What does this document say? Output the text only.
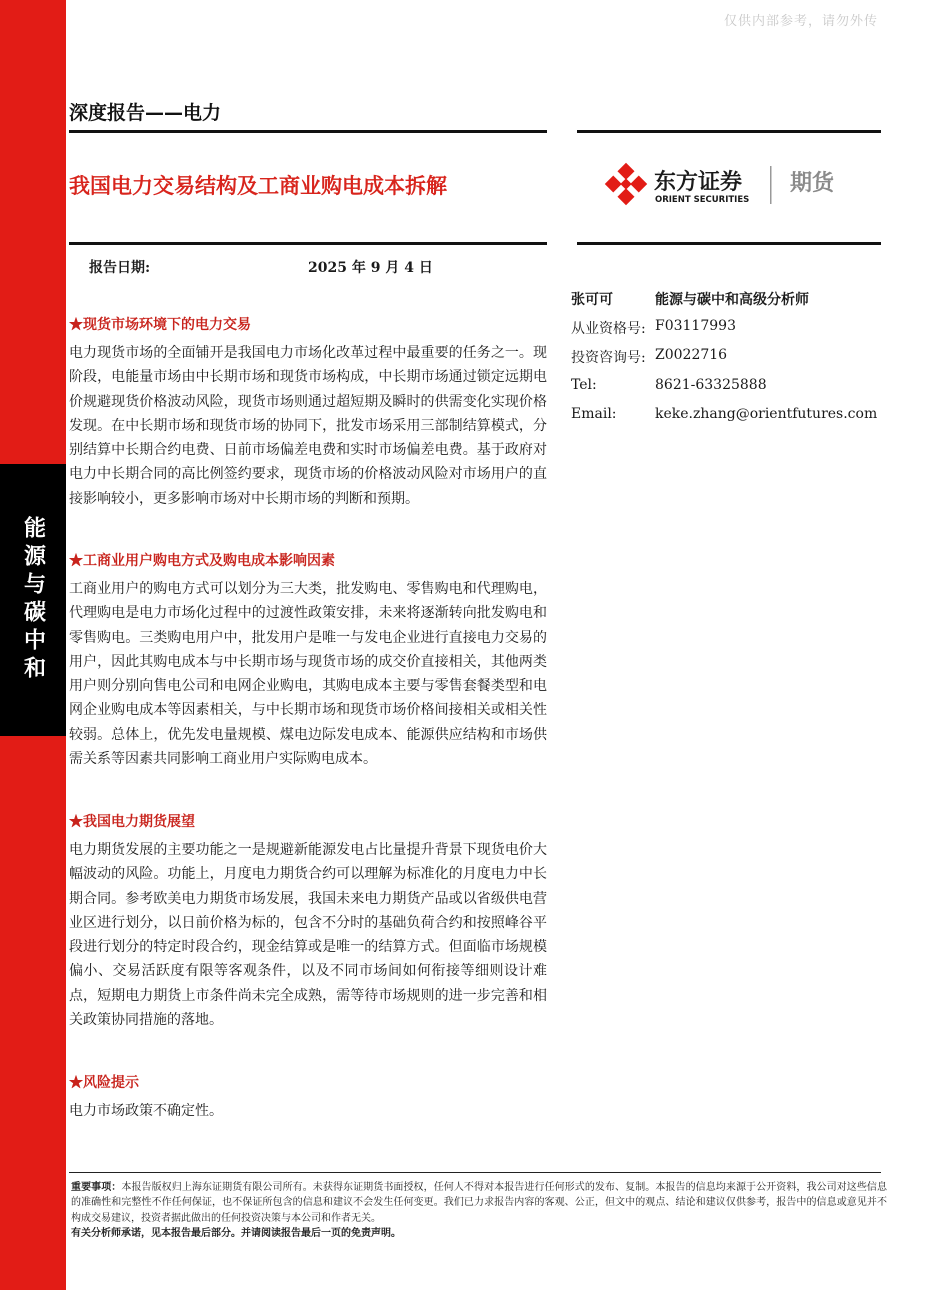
能源与碳中和
仅供内部参考，请勿外传
深度报告——电力
我国电力交易结构及工商业购电成本拆解	东方证券
ORIENT SECURITIES
期货
报告日期:	2025 年 9 月 4 日
张可可	能源与碳中和高级分析师
从业资格号: F03117993
投资咨询号: Z0022716
Tel:	8621-63325888
Email:	keke.zhang@orientfutures.com
★现货市场环境下的电力交易
电力现货市场的全面铺开是我国电力市场化改革过程中最重要的任务之一。现阶段，电能量市场由中长期市场和现货市场构成，中长期市场通过锁定远期电价规避现货价格波动风险，现货市场则通过超短期及瞬时的供需变化实现价格发现。在中长期市场和现货市场的协同下，批发市场采用三部制结算模式，分别结算中长期合约电费、日前市场偏差电费和实时市场偏差电费。基于政府对电力中长期合同的高比例签约要求，现货市场的价格波动风险对市场用户的直接影响较小，更多影响市场对中长期市场的判断和预期。
★工商业用户购电方式及购电成本影响因素
工商业用户的购电方式可以划分为三大类，批发购电、零售购电和代理购电，代理购电是电力市场化过程中的过渡性政策安排，未来将逐渐转向批发购电和零售购电。三类购电用户中，批发用户是唯一与发电企业进行直接电力交易的用户，因此其购电成本与中长期市场与现货市场的成交价直接相关，其他两类用户则分别向售电公司和电网企业购电，其购电成本主要与零售套餐类型和电网企业购电成本等因素相关，与中长期市场和现货市场价格间接相关或相关性较弱。总体上，优先发电量规模、煤电边际发电成本、能源供应结构和市场供需关系等因素共同影响工商业用户实际购电成本。
★我国电力期货展望
电力期货发展的主要功能之一是规避新能源发电占比量提升背景下现货电价大幅波动的风险。功能上，月度电力期货合约可以理解为标准化的月度电力中长期合同。参考欧美电力期货市场发展，我国未来电力期货产品或以省级供电营业区进行划分，以日前价格为标的，包含不分时的基础负荷合约和按照峰谷平段进行划分的特定时段合约，现金结算或是唯一的结算方式。但面临市场规模偏小、交易活跃度有限等客观条件，以及不同市场间如何衔接等细则设计难点，短期电力期货上市条件尚未完全成熟，需等待市场规则的进一步完善和相关政策协同措施的落地。
★风险提示
电力市场政策不确定性。
重要事项：本报告版权归上海东证期货有限公司所有。未获得东证期货书面授权，任何人不得对本报告进行任何形式的发布、复制。本报告的信息均来源于公开资料，我公司对这些信息的准确性和完整性不作任何保证，也不保证所包含的信息和建议不会发生任何变更。我们已力求报告内容的客观、公正，但文中的观点、结论和建议仅供参考，报告中的信息或意见并不构成交易建议，投资者据此做出的任何投资决策与本公司和作者无关。
有关分析师承诺，见本报告最后部分。并请阅读报告最后一页的免责声明。
